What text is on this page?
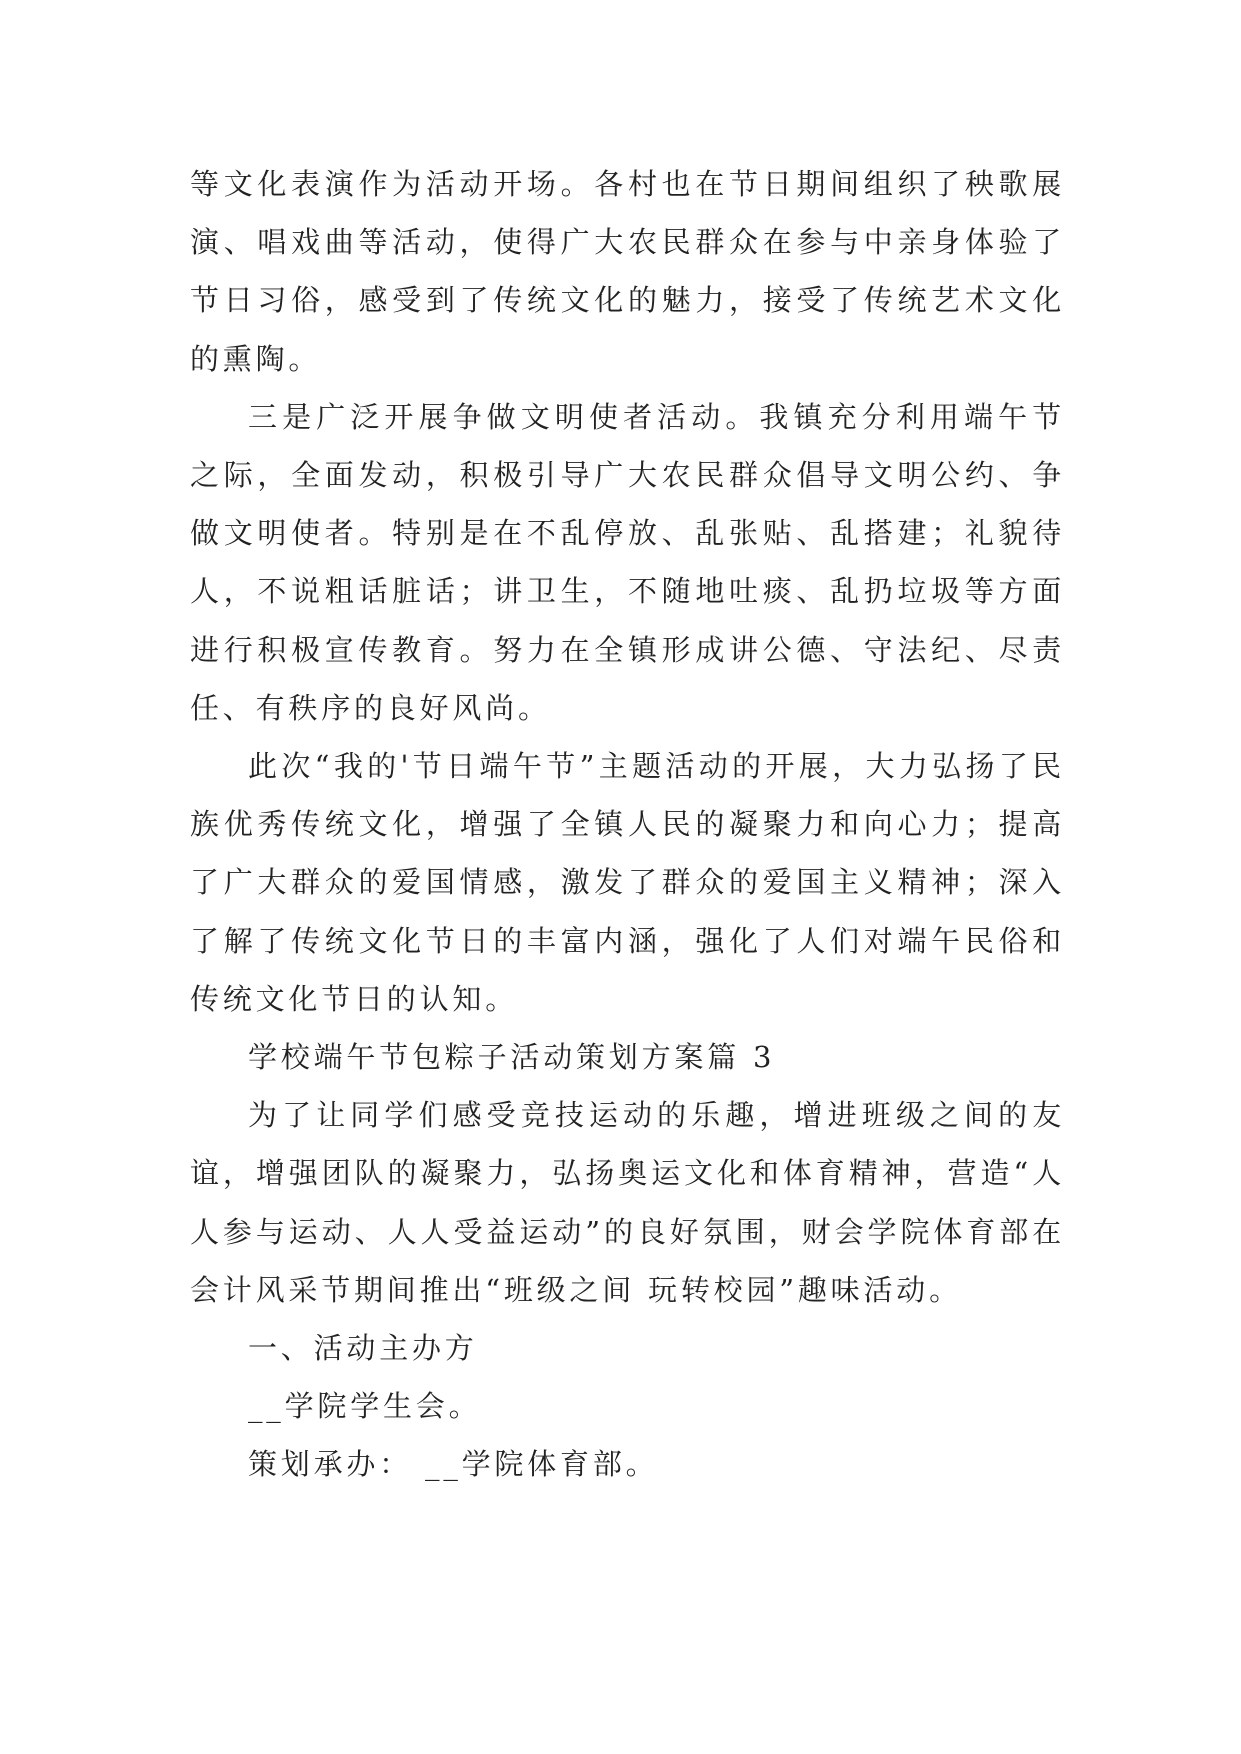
等文化表演作为活动开场。各村也在节日期间组织了秧歌展演、唱戏曲等活动，使得广大农民群众在参与中亲身体验了节日习俗，感受到了传统文化的魅力，接受了传统艺术文化的熏陶。

三是广泛开展争做文明使者活动。我镇充分利用端午节之际，全面发动，积极引导广大农民群众倡导文明公约、争做文明使者。特别是在不乱停放、乱张贴、乱搭建；礼貌待人，不说粗话脏话；讲卫生，不随地吐痰、乱扔垃圾等方面进行积极宣传教育。努力在全镇形成讲公德、守法纪、尽责任、有秩序的良好风尚。

此次“我的'节日端午节”主题活动的开展，大力弘扬了民族优秀传统文化，增强了全镇人民的凝聚力和向心力；提高了广大群众的爱国情感，激发了群众的爱国主义精神；深入了解了传统文化节日的丰富内涵，强化了人们对端午民俗和传统文化节日的认知。

学校端午节包粽子活动策划方案篇 3

为了让同学们感受竞技运动的乐趣，增进班级之间的友谊，增强团队的凝聚力，弘扬奥运文化和体育精神，营造“人人参与运动、人人受益运动”的良好氛围，财会学院体育部在会计风采节期间推出“班级之间 玩转校园”趣味活动。

一、活动主办方

__学院学生会。

策划承办： __学院体育部。
